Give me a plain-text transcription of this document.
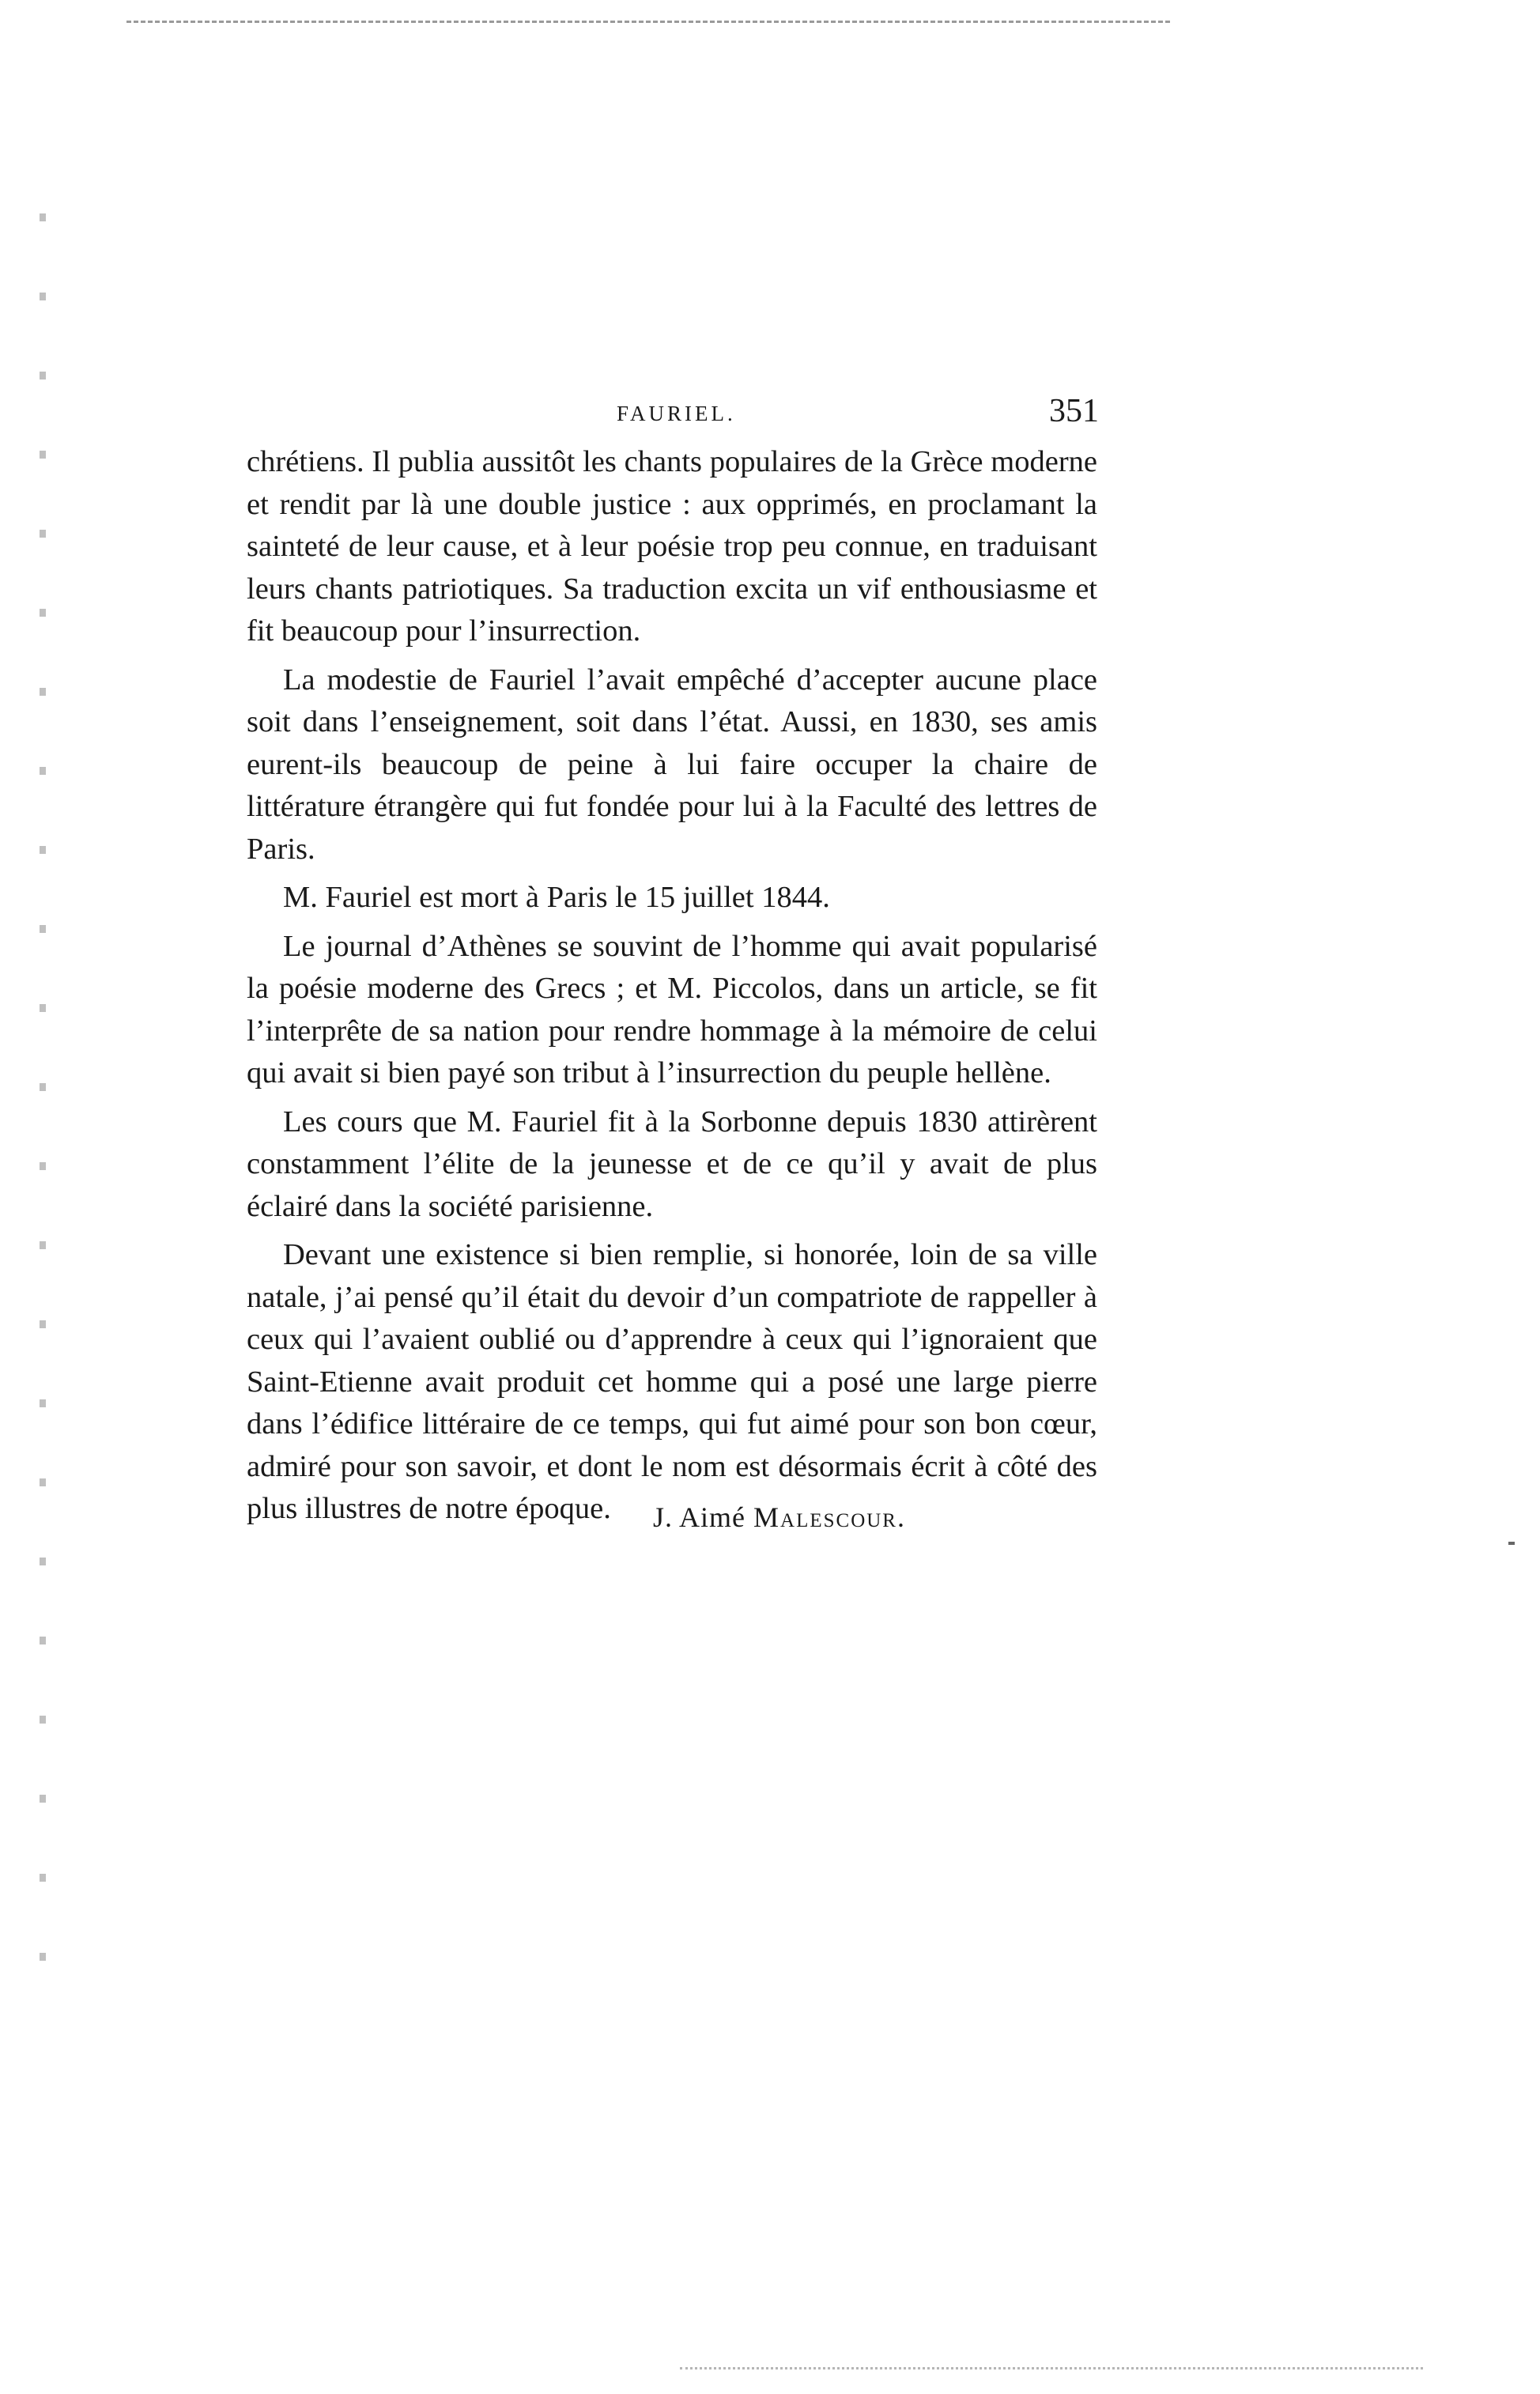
FAURIEL.	351

chrétiens. Il publia aussitôt les chants populaires de la Grèce moderne et rendit par là une double justice : aux opprimés, en proclamant la sainteté de leur cause, et à leur poésie trop peu connue, en traduisant leurs chants patriotiques. Sa traduction excita un vif enthousiasme et fit beaucoup pour l’insurrection.

La modestie de Fauriel l’avait empêché d’accepter aucune place soit dans l’enseignement, soit dans l’état. Aussi, en 1830, ses amis eurent-ils beaucoup de peine à lui faire occuper la chaire de littérature étrangère qui fut fondée pour lui à la Faculté des lettres de Paris.

M. Fauriel est mort à Paris le 15 juillet 1844.

Le journal d’Athènes se souvint de l’homme qui avait popularisé la poésie moderne des Grecs ; et M. Piccolos, dans un article, se fit l’interprête de sa nation pour rendre hommage à la mémoire de celui qui avait si bien payé son tribut à l’insurrection du peuple hellène.

Les cours que M. Fauriel fit à la Sorbonne depuis 1830 attirèrent constamment l’élite de la jeunesse et de ce qu’il y avait de plus éclairé dans la société parisienne.

Devant une existence si bien remplie, si honorée, loin de sa ville natale, j’ai pensé qu’il était du devoir d’un compatriote de rappeller à ceux qui l’avaient oublié ou d’apprendre à ceux qui l’ignoraient que Saint-Etienne avait produit cet homme qui a posé une large pierre dans l’édifice littéraire de ce temps, qui fut aimé pour son bon cœur, admiré pour son savoir, et dont le nom est désormais écrit à côté des plus illustres de notre époque.	J. Aimé Malescour.
